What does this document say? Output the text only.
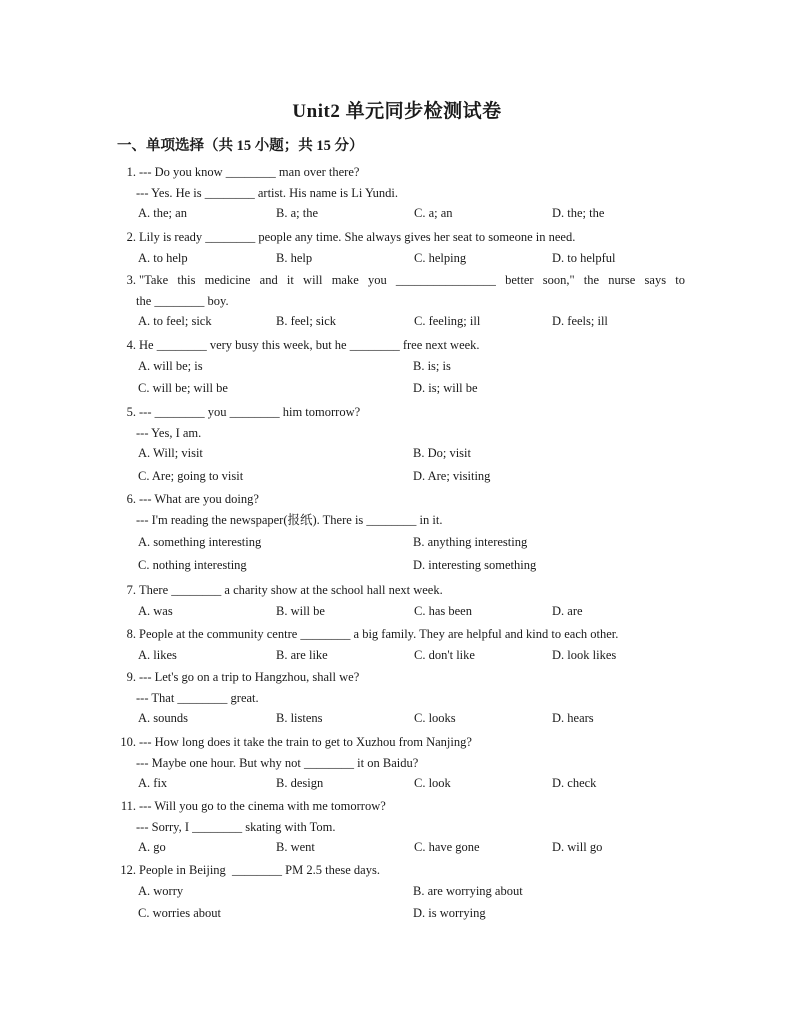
Unit2 单元同步检测试卷
一、单项选择（共 15 小题；共 15 分）
1. --- Do you know ________ man over there?
--- Yes. He is ________ artist. His name is Li Yundi.
A. the; an	B. a; the	C. a; an	D. the; the
2. Lily is ready ________ people any time. She always gives her seat to someone in need.
A. to help	B. help	C. helping	D. to helpful
3. "Take this medicine and it will make you ________________ better soon," the nurse says to
the ________ boy.
A. to feel; sick	B. feel; sick	C. feeling; ill	D. feels; ill
4. He ________ very busy this week, but he ________ free next week.
A. will be; is	B. is; is
C. will be; will be	D. is; will be
5. --- ________ you ________ him tomorrow?
--- Yes, I am.
A. Will; visit	B. Do; visit
C. Are; going to visit	D. Are; visiting
6. --- What are you doing?
--- I'm reading the newspaper(报纸). There is ________ in it.
A. something interesting	B. anything interesting
C. nothing interesting	D. interesting something
7. There ________ a charity show at the school hall next week.
A. was	B. will be	C. has been	D. are
8. People at the community centre ________ a big family. They are helpful and kind to each other.
A. likes	B. are like	C. don't like	D. look likes
9. --- Let's go on a trip to Hangzhou, shall we?
--- That ________ great.
A. sounds	B. listens	C. looks	D. hears
10. --- How long does it take the train to get to Xuzhou from Nanjing?
--- Maybe one hour. But why not ________ it on Baidu?
A. fix	B. design	C. look	D. check
11. --- Will you go to the cinema with me tomorrow?
--- Sorry, I ________ skating with Tom.
A. go	B. went	C. have gone	D. will go
12. People in Beijing  ________ PM 2.5 these days.
A. worry	B. are worrying about
C. worries about	D. is worrying
